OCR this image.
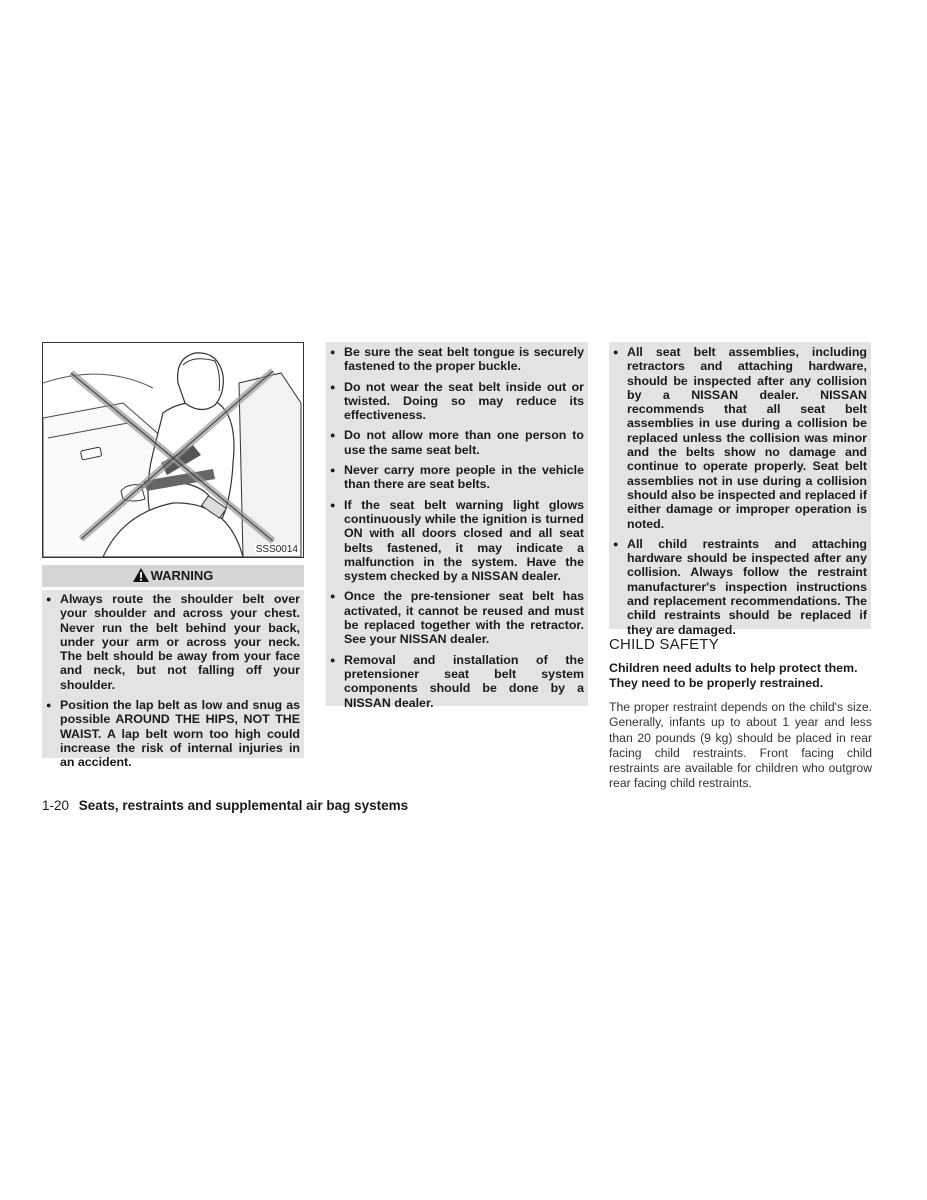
SSS0014
WARNING
● Always route the shoulder belt over your shoulder and across your chest. Never run the belt behind your back, under your arm or across your neck. The belt should be away from your face and neck, but not falling off your shoulder.
● Position the lap belt as low and snug as possible AROUND THE HIPS, NOT THE WAIST. A lap belt worn too high could increase the risk of internal injuries in an accident.
● Be sure the seat belt tongue is securely fastened to the proper buckle.
● Do not wear the seat belt inside out or twisted. Doing so may reduce its effectiveness.
● Do not allow more than one person to use the same seat belt.
● Never carry more people in the vehicle than there are seat belts.
● If the seat belt warning light glows continuously while the ignition is turned ON with all doors closed and all seat belts fastened, it may indicate a malfunction in the system. Have the system checked by a NISSAN dealer.
● Once the pre-tensioner seat belt has activated, it cannot be reused and must be replaced together with the retractor. See your NISSAN dealer.
● Removal and installation of the pretensioner seat belt system components should be done by a NISSAN dealer.
● All seat belt assemblies, including retractors and attaching hardware, should be inspected after any collision by a NISSAN dealer. NISSAN recommends that all seat belt assemblies in use during a collision be replaced unless the collision was minor and the belts show no damage and continue to operate properly. Seat belt assemblies not in use during a collision should also be inspected and replaced if either damage or improper operation is noted.
● All child restraints and attaching hardware should be inspected after any collision. Always follow the restraint manufacturer's inspection instructions and replacement recommendations. The child restraints should be replaced if they are damaged.
CHILD SAFETY
Children need adults to help protect them. They need to be properly restrained.
The proper restraint depends on the child's size. Generally, infants up to about 1 year and less than 20 pounds (9 kg) should be placed in rear facing child restraints. Front facing child restraints are available for children who outgrow rear facing child restraints.
1-20 Seats, restraints and supplemental air bag systems
